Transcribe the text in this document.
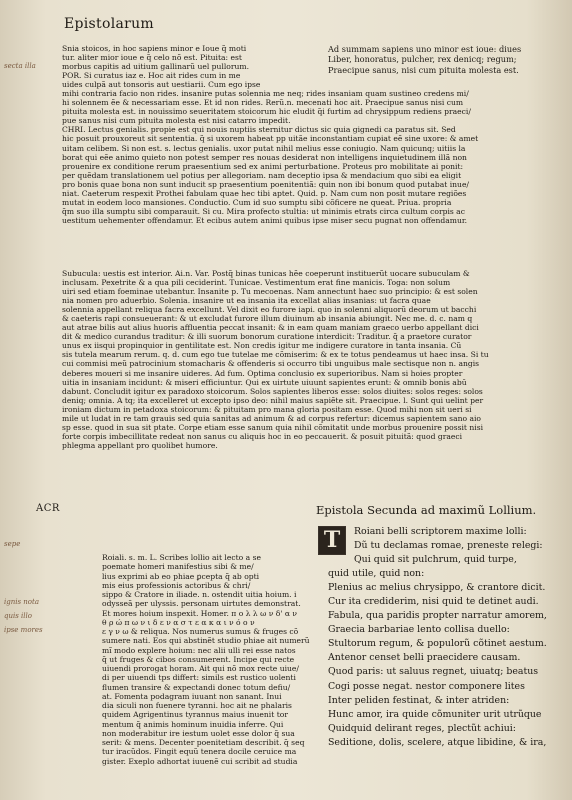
Epistolarum
secta illa
sepe
ignis nota
quis illo
ipse mores
Snia stoicos, in hoc sapiens minor e Ioue q̃ moti
tur. aliter mior ioue e q̃ celo nõ est. Pituita: est
morbus capitis ad uitium gallinarũ uel pullorum.
POR. Si curatus iaz e. Hoc ait rides cum in me
uides culpã aut tonsoris aut uestiarii. Cum ego ipse
mihi contraria facio non rides. insanire putas solennia me neq; rides insaniam quam sustineo credens mi/
hi solennem ẽe & necessariam esse. Et id non rides. Rerũ.n. mecenati hoc ait. Praecipue sanus nisi cum
pituita molesta est. in nouissimo seueritatem stoicorum hic eludit q̃i furtim ad chrysippum rediens praeci/
pue sanus nisi cum pituita molesta est nisi catarro impedit.
CHRI. Lectus genialis. propie est qui nouis nuptiis sternitur dictus sic quia gignedi ca paratus sit. Sed
hic posuit prouxoreut sit sententia. q̃ si uxorem habeat pp uitãe inconstantiam cupiat eẽ sine uxore: & amet
uitam celibem. Si non est. s. lectus genialis. uxor putat nihil melius esse coniugio. Nam quicunq; uitiis la
borat qui eẽe animo quieto non potest semper res nouas desiderat non intelligens inquietudinem illã non
prouenire ex conditione rerum praesentium sed ex animi perturbatione. Proteus pro mobilitate ai ponit:
per quẽdam translationem uel potius per allegoriam. nam deceptio ipsa & mendacium quo sibi ea eligit
pro bonis quae bona non sunt inducit sp praesentium poenitentiã: quin non ibi bonum quod putabat inue/
niat. Caeterum respexit Prothei fabulam quae hec tibi aptet. Quid. p. Nam cum non posit mutare regiões
mutat in eodem loco mansiones. Conductio. Cum id suo sumptu sibi cõficere ne queat. Priua. propria
q̃m suo illa sumptu sibi comparauit. Si cu. Mira profecto stultia: ut minimis etrats circa cultum corpis ac
uestitum uehementer offendamur. Et ecibus autem animi quibus ipse miser secu pugnat non offendamur.
Ad summam sapiens uno minor est ioue: diues
Liber, honoratus, pulcher, rex denicq; regum;
Praecipue sanus, nisi cum pituita molesta est.
Subucula: uestis est interior. Ai.n. Var. Postq̃ binas tunicas hẽe coeperunt instituerũt uocare subuculam &
inclusam. Pexetrite & a qua pili ceciderint. Tunicae. Vestimentum erat fine manicis. Toga: non solum
uiri sed etiam foeminae utebantur. Insanite p. Tu mecoenas. Nam annectunt haec suo principio: & est solen
nia nomen pro aduerbio. Solenia. insanire ut ea insania ita excellat alias insanias: ut facra quae
solennia appellant reliqua facra excellunt. Vel dixit eo furore iapi. quo in solenni aliquorũ deorum ut bacchi
& caeteris rapi consueuerant: & ut excludat furore illum diuinum ab insania abiungit. Nec me. d. c. nam q
aut atrae bilis aut alius huoris affluentia peccat insanit: & in eam quam maniam graeco uerbo appellant dici
dit & medico curandus traditur: & illi suorum bonorum curatione interdicit: Traditur. q̃ a praetore curator
unus ex iisqui propinquior in gentilitate est. Non credis igitur me indigere curatore in tanta insania. Cũ
sis tutela mearum rerum. q. d. cum ego tue tutelae me cõmiserim: & ex te totus pendeamus ut haec insa. Si tu
cui commisi meũ patrocinium stomacharis & offenderis si occurro tibi unguibus male sectisque non n. angis
deberes moueri si me insanire uideres. Ad fum. Optima conclusio ex superioribus. Nam si hoies propter
uitia in insaniam incidunt: & miseri efficiuntur. Qui ex uirtute uiuunt sapientes erunt: & omnib bonis abū
dabunt. Concludit igitur ex paradoxo stoicorum. Solos sapientes liberos esse: solos diuites: solos reges: solos
deniq; omnia. A tq; ita excelleret ut excepto ipso deo: nihil maius sapiẽte sit. Praecipue. l. Sunt qui uelint per
ironiam dictum in petadoxa stoicorum: & pituitam pro mana gloria positam esse. Quod mihi non sit ueri si
mile ut ludat in re tam grauis sed quia sanitas ad animum & ad corpus refertur: dicemus sapientem sano aio
sp esse. quod in sua sit ptate. Corpe etiam esse sanum quia nihil cõmitatit unde morbus prouenire possit nisi
forte corpis imbecillitate redeat non sanus cu aliquis hoc in eo peccauerit. & posuit pituitã: quod graeci
phlegma appellant pro quolibet humore.
ACR	Epistola Secunda ad maximũ Lollium.
T
Roiali. s. m. L. Scribes lollio ait lecto a se
poemate homeri manifestius sibi & me/
lius exprimi ab eo phiae ꝑcepta q̃ ab opti
mis eius professionis actoribus & chri/
sippo & Cratore in iliade. n. ostendit uitia hoium. i
odysseã per ulyssis. personam uirtutes demonstrat.
Et mores hoium inspexit. Homer. π ο λ λ ω ν δ' α ν
θ ρ ώ π ω ν ι δ ε ν α σ τ ε α κ α ι ν ό ο ν
ε γ ν ω & reliqua. Nos numerus sumus & fruges cõ
sumere nati. Eos qui abstinẽt studio phiae ait numerũ
mĩ modo explere hoium: nec alii ulli rei esse natos
q̃ ut fruges & cibos consumerent. Incipe qui recte
uiuendi prorogat horam. Ait qui nõ mox recte uiue/
di per uiuendi tps differt: simils est rustico uolenti
flumen transire & expectandi donec totum defiu/
at. Fomenta podagram iuuant non sanant. Inui
dia siculi non fuenere tyranni. hoc ait ne phalaris
quidem Agrigentinus tyrannus maius inuenit tor
mentum q̃ animis hominum inuidia inferre. Qui
non moderabitur ire iestum uolet esse dolor q̃ sua
serit: & mens. Decenter poenitetiam describit. q̃ seq
tur iracũdos. Fingit equũ tenera docile ceruice ma
gister. Exeplo adhortat iuuenẽ cui scribit ad studia
Roiani belli scriptorem maxime lolli:
Dũ tu declamas romae, preneste relegi:
Qui quid sit pulchrum, quid turpe,
quid utile, quid non:
Plenius ac melius chrysippo, & crantore dicit.
Cur ita crediderim, nisi quid te detinet audi.
Fabula, qua paridis propter narratur amorem,
Graecia barbariae lento collisa duello:
Stultorum regum, & populorũ cõtinet aestum.
Antenor censet belli praecidere causam.
Quod paris: ut saluus regnet, uiuatq; beatus
Cogi posse negat. nestor componere lites
Inter peliden festinat, & inter atriden:
Hunc amor, ira quide cõmuniter urit utrũque
Quidquid delirant reges, plectũt achiui:
Seditione, dolis, scelere, atque libidine, & ira,
